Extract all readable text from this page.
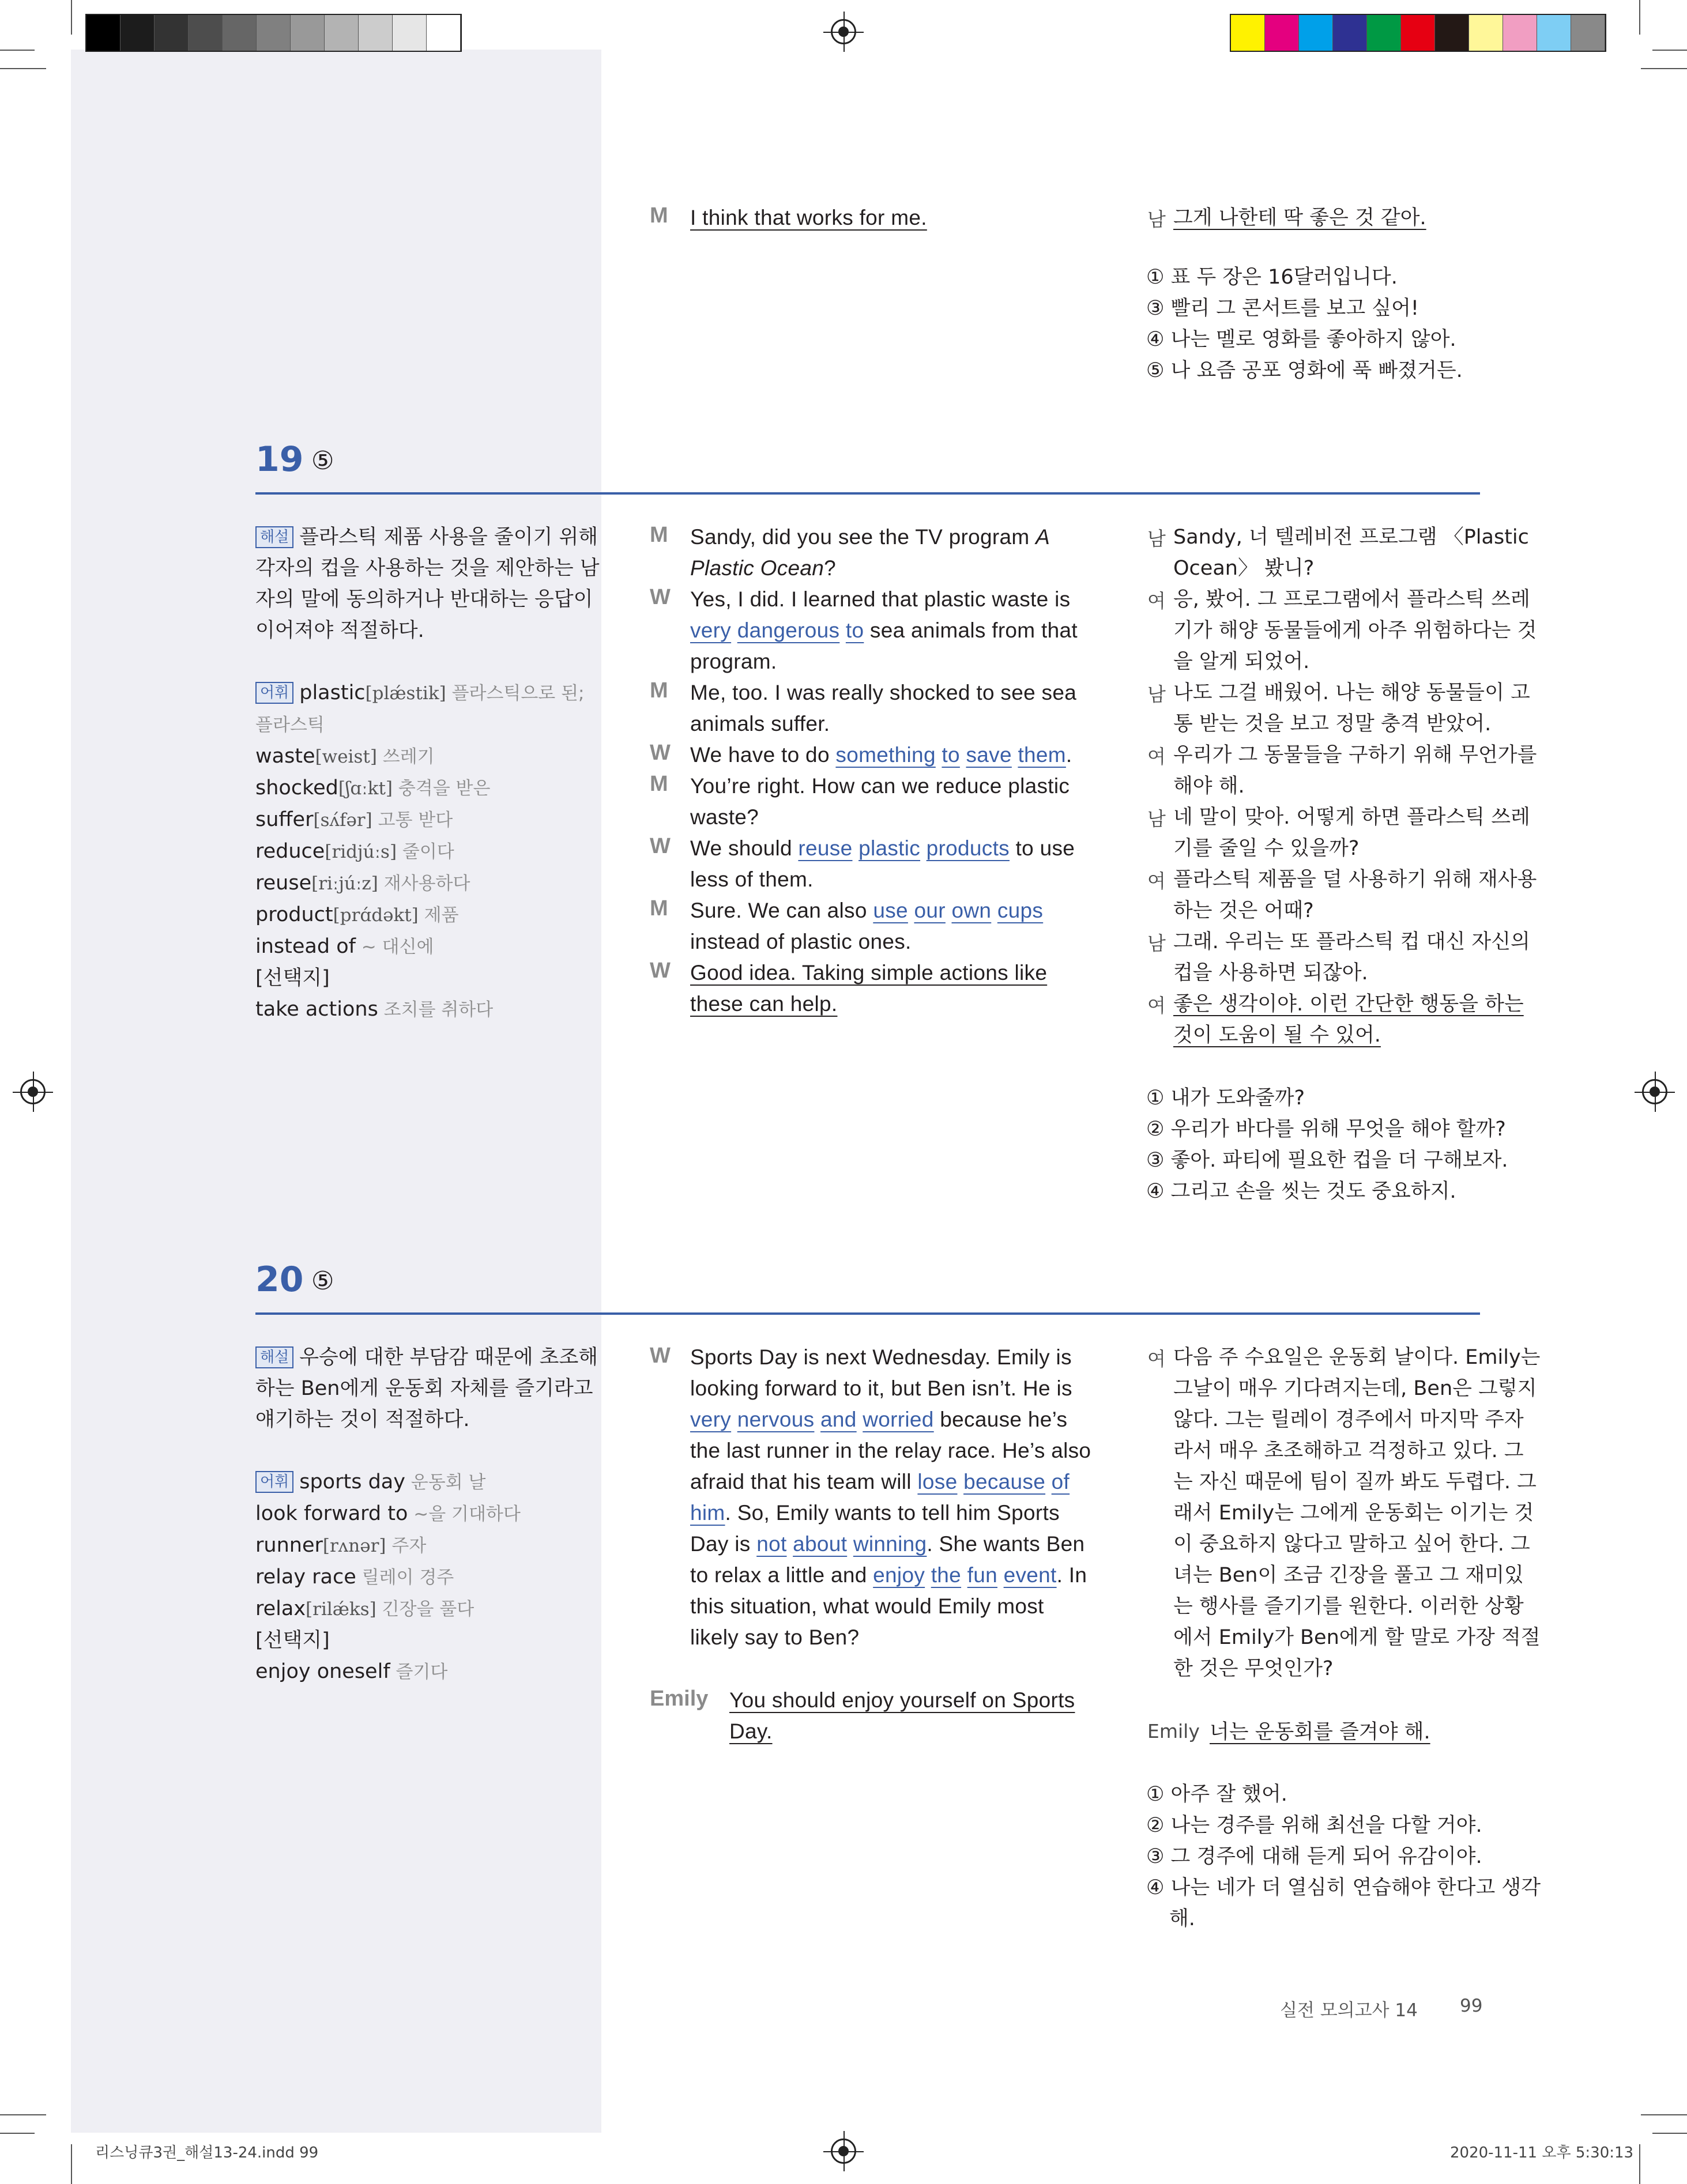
M I think that works for me.	남 그게 나한테 딱 좋은 것 같아.
① 표 두 장은 16달러입니다.
③ 빨리 그 콘서트를 보고 싶어!
④ 나는 멜로 영화를 좋아하지 않아.
⑤ 나 요즘 공포 영화에 푹 빠졌거든.
19 ⑤
해설 플라스틱 제품 사용을 줄이기 위해
각자의 컵을 사용하는 것을 제안하는 남
자의 말에 동의하거나 반대하는 응답이
이어져야 적절하다.
어휘 plastic[plǽstik] 플라스틱으로 된;
플라스틱
waste[weist] 쓰레기
shocked[ʃɑːkt] 충격을 받은
suffer[sʌ́fər] 고통 받다
reduce[ridjúːs] 줄이다
reuse[riːjúːz] 재사용하다
product[prɑ́dəkt] 제품
instead of ~ 대신에
[선택지]
take actions 조치를 취하다
M
W
M
W
M
W
M
W
Sandy, did you see the TV program A
Plastic Ocean?
Yes, I did. I learned that plastic waste is
very dangerous to sea animals from that
program.
Me, too. I was really shocked to see sea
animals suffer.
We have to do something to save them.
You’re right. How can we reduce plastic
waste?
We should reuse plastic products to use
less of them.
Sure. We can also use our own cups
instead of plastic ones.
Good idea. Taking simple actions like
these can help.
남
여
남
여
남
여
남
여
Sandy, 너 텔레비전 프로그램 〈Plastic
Ocean〉 봤니?
응, 봤어. 그 프로그램에서 플라스틱 쓰레
기가 해양 동물들에게 아주 위험하다는 것
을 알게 되었어.
나도 그걸 배웠어. 나는 해양 동물들이 고
통 받는 것을 보고 정말 충격 받았어.
우리가 그 동물들을 구하기 위해 무언가를
해야 해.
네 말이 맞아. 어떻게 하면 플라스틱 쓰레
기를 줄일 수 있을까?
플라스틱 제품을 덜 사용하기 위해 재사용
하는 것은 어때?
그래. 우리는 또 플라스틱 컵 대신 자신의
컵을 사용하면 되잖아.
좋은 생각이야. 이런 간단한 행동을 하는
것이 도움이 될 수 있어.
① 내가 도와줄까?
② 우리가 바다를 위해 무엇을 해야 할까?
③ 좋아. 파티에 필요한 컵을 더 구해보자.
④ 그리고 손을 씻는 것도 중요하지.
20 ⑤
해설 우승에 대한 부담감 때문에 초조해
하는 Ben에게 운동회 자체를 즐기라고
얘기하는 것이 적절하다.
어휘 sports day 운동회 날
look forward to ~을 기대하다
runner[rʌnər] 주자
relay race 릴레이 경주
relax[rilǽks] 긴장을 풀다
[선택지]
enjoy oneself 즐기다
W Sports Day is next Wednesday. Emily is
looking forward to it, but Ben isn’t. He is
very nervous and worried because he’s
the last runner in the relay race. He’s also
afraid that his team will lose because of
him. So, Emily wants to tell him Sports
Day is not about winning. She wants Ben
to relax a little and enjoy the fun event. In
this situation, what would Emily most
likely say to Ben?
Emily You should enjoy yourself on Sports
Day.
여 다음 주 수요일은 운동회 날이다. Emily는
그날이 매우 기다려지는데, Ben은 그렇지
않다. 그는 릴레이 경주에서 마지막 주자
라서 매우 초조해하고 걱정하고 있다. 그
는 자신 때문에 팀이 질까 봐도 두렵다. 그
래서 Emily는 그에게 운동회는 이기는 것
이 중요하지 않다고 말하고 싶어 한다. 그
녀는 Ben이 조금 긴장을 풀고 그 재미있
는 행사를 즐기기를 원한다. 이러한 상황
에서 Emily가 Ben에게 할 말로 가장 적절
한 것은 무엇인가?
Emily 너는 운동회를 즐겨야 해.
① 아주 잘 했어.
② 나는 경주를 위해 최선을 다할 거야.
③ 그 경주에 대해 듣게 되어 유감이야.
④ 나는 네가 더 열심히 연습해야 한다고 생각
해.
실전 모의고사 14 99
리스닝큐3권_해설13-24.indd 99	2020-11-11 오후 5:30:13
